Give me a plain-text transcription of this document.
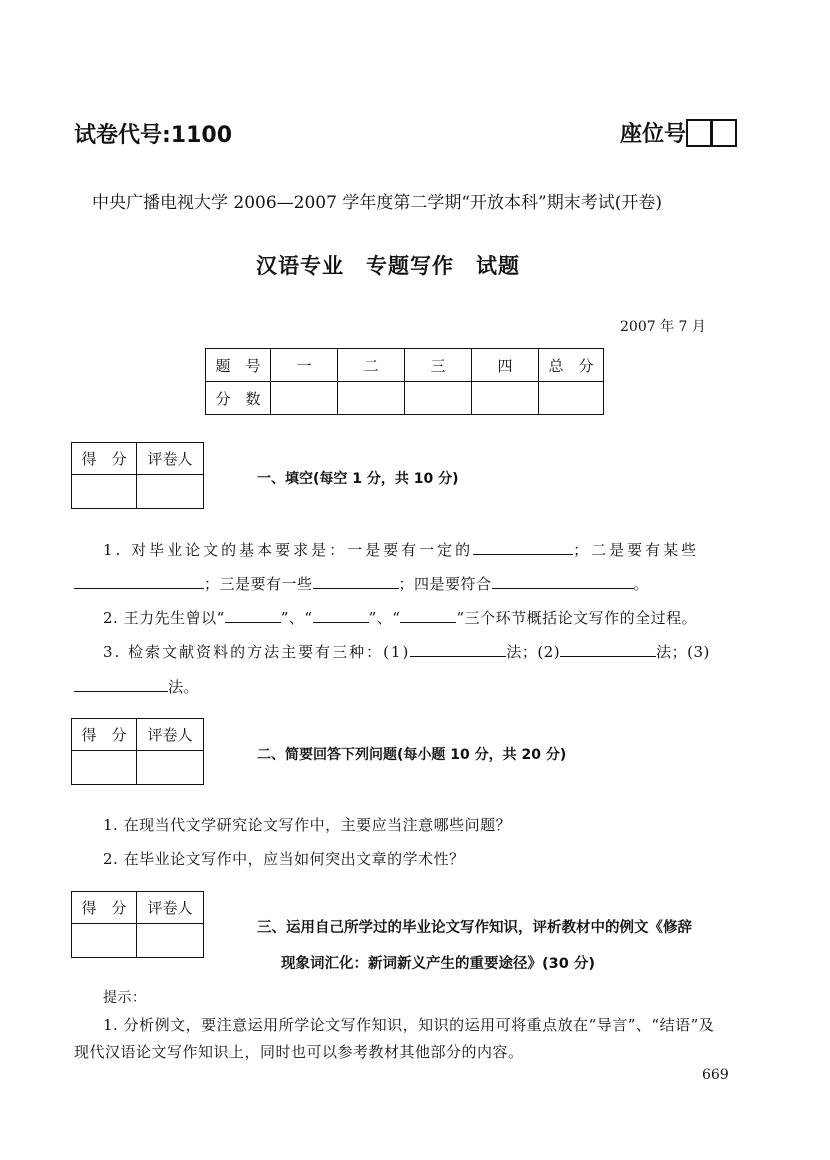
试卷代号:1100	座位号
中央广播电视大学 2006—2007 学年度第二学期“开放本科”期末考试(开卷)
汉语专业　专题写作　试题
2007 年 7 月
题　号	一	二	三	四	总　分
分　数					
得　分	评卷人

一、填空(每空 1 分，共 10 分)
1. 对毕业论文的基本要求是：一是要有一定的	；二是要有某些
；三是要有一些	；四是要符合	。
2. 王力先生曾以“	”、“	”、“	”三个环节概括论文写作的全过程。
3. 检索文献资料的方法主要有三种：(1)	法；(2)	法；(3)
法。
得　分	评卷人

二、简要回答下列问题(每小题 10 分，共 20 分)
1. 在现当代文学研究论文写作中，主要应当注意哪些问题？
2. 在毕业论文写作中，应当如何突出文章的学术性？
得　分	评卷人

三、运用自己所学过的毕业论文写作知识，评析教材中的例文《修辞
现象词汇化：新词新义产生的重要途径》(30 分)
提示：
1. 分析例文，要注意运用所学论文写作知识，知识的运用可将重点放在“导言”、“结语”及
现代汉语论文写作知识上，同时也可以参考教材其他部分的内容。
669
